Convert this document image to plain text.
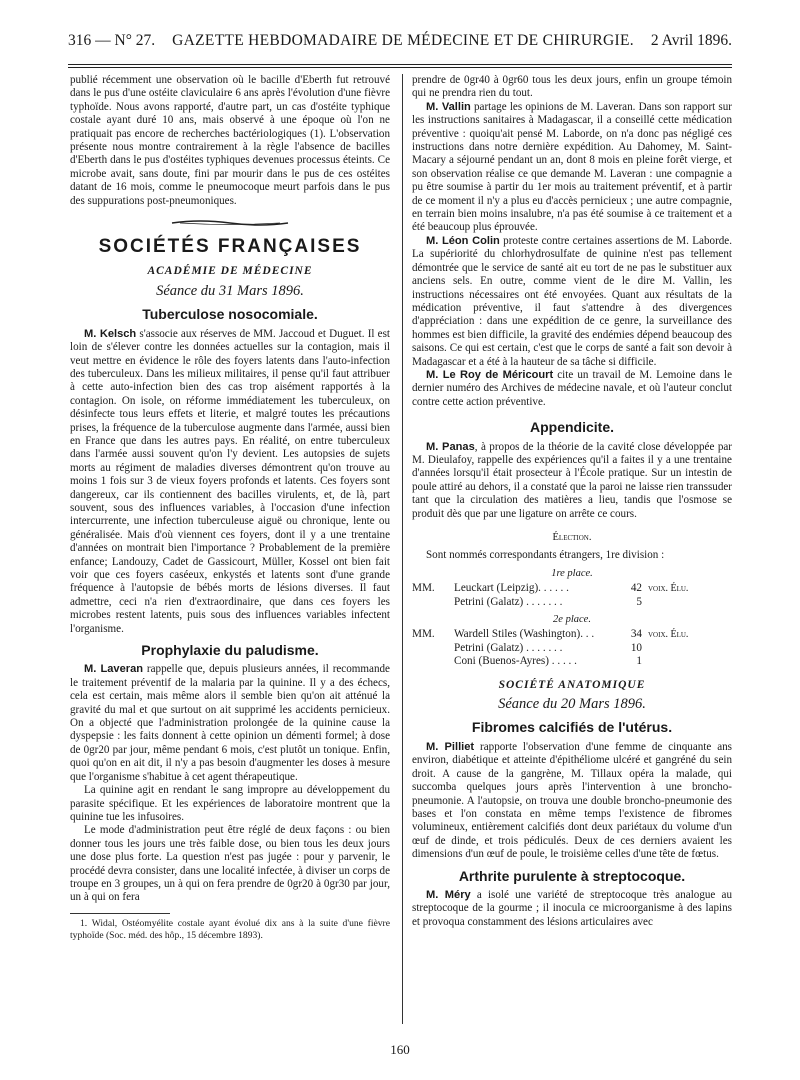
316 — N° 27. GAZETTE HEBDOMADAIRE DE MÉDECINE ET DE CHIRURGIE. 2 Avril 1896.

publié récemment une observation où le bacille d'Eberth fut retrouvé dans le pus d'une ostéite claviculaire 6 ans après l'évolution d'une fièvre typhoïde. Nous avons rapporté, d'autre part, un cas d'ostéite typhique costale ayant duré 10 ans, mais observé à une époque où l'on ne pratiquait pas encore de recherches bactériologiques (1). L'observation présente nous montre contrairement à la règle l'absence de bacilles d'Eberth dans le pus d'ostéites typhiques devenues processus éteints. Ce microbe avait, sans doute, fini par mourir dans le pus de ces ostéites datant de 16 mois, comme le pneumocoque meurt parfois dans le pus des suppurations post-pneumoniques.

SOCIÉTÉS FRANÇAISES
ACADÉMIE DE MÉDECINE
Séance du 31 Mars 1896.
Tuberculose nosocomiale.

M. Kelsch s'associe aux réserves de MM. Jaccoud et Duguet. Il est loin de s'élever contre les données actuelles sur la contagion, mais il veut mettre en évidence le rôle des foyers latents dans l'auto-infection des tuberculeux. Dans les milieux militaires, il pense qu'il faut attribuer à cette auto-infection bien des cas trop aisément rapportés à la contagion. On isole, on réforme immédiatement les tuberculeux, on désinfecte tous leurs effets et literie, et malgré toutes les précautions prises, la fréquence de la tuberculose augmente dans l'armée, aussi bien en France que dans les autres pays. En réalité, on entre tuberculeux dans l'armée aussi souvent qu'on l'y devient. Les autopsies de sujets morts au régiment de maladies diverses démontrent qu'on trouve au moins 1 fois sur 3 de vieux foyers profonds et latents. Ces foyers sont dangereux, car ils contiennent des bacilles virulents, et, de là, part souvent, sous des influences variables, à l'occasion d'une infection intercurrente, une infection tuberculeuse aiguë ou chronique, lente ou généralisée. Mais d'où viennent ces foyers, dont il y a une trentaine d'années on montrait bien l'importance ? Probablement de la première enfance; Landouzy, Cadet de Gassicourt, Müller, Kossel ont bien fait voir que ces foyers caséeux, enkystés et latents sont d'une grande fréquence à l'autopsie de bébés morts de lésions diverses. Il faut admettre, ceci n'a rien d'extraordinaire, que dans ces foyers les microbes restent latents, puis sous des influences variables infectent l'organisme.

Prophylaxie du paludisme.

M. Laveran rappelle que, depuis plusieurs années, il recommande le traitement préventif de la malaria par la quinine. Il y a des échecs, cela est certain, mais même alors il semble bien qu'on ait atténué la gravité du mal et que surtout on ait supprimé les accidents pernicieux. On a objecté que l'administration prolongée de la quinine cause la dyspepsie : les faits donnent à cette opinion un démenti formel; à dose de 0gr20 par jour, même pendant 6 mois, c'est plutôt un tonique. Enfin, quoi qu'on en ait dit, il n'y a pas besoin d'augmenter les doses à mesure que l'organisme s'habitue à cet agent thérapeutique.

La quinine agit en rendant le sang impropre au développement du parasite spécifique. Et les expériences de laboratoire montrent que la quinine tue les infusoires.

Le mode d'administration peut être réglé de deux façons : ou bien donner tous les jours une très faible dose, ou bien tous les deux jours une dose plus forte. La question n'est pas jugée : pour y parvenir, le procédé devra consister, dans une localité infectée, à diviser un corps de troupe en 3 groupes, un à qui on fera prendre de 0gr20 à 0gr30 par jour, un à qui on fera

1. Widal, Ostéomyélite costale ayant évolué dix ans à la suite d'une fièvre typhoïde (Soc. méd. des hôp., 15 décembre 1893).

prendre de 0gr40 à 0gr60 tous les deux jours, enfin un groupe témoin qui ne prendra rien du tout.

M. Vallin partage les opinions de M. Laveran. Dans son rapport sur les instructions sanitaires à Madagascar, il a conseillé cette médication préventive : quoiqu'ait pensé M. Laborde, on n'a donc pas négligé ces instructions dans notre dernière expédition. Au Dahomey, M. Saint-Macary a séjourné pendant un an, dont 8 mois en pleine forêt vierge, et son observation réalise ce que demande M. Laveran : une compagnie a pu être soumise à partir du 1er mois au traitement préventif, et à partir de ce moment il n'y a plus eu d'accès pernicieux ; une autre compagnie, en terrain bien moins insalubre, n'a pas été soumise à ce traitement et a été beaucoup plus éprouvée.

M. Léon Colin proteste contre certaines assertions de M. Laborde. La supériorité du chlorhydrosulfate de quinine n'est pas tellement démontrée que le service de santé ait eu tort de ne pas le substituer aux anciens sels. En outre, comme vient de le dire M. Vallin, les instructions nécessaires ont été envoyées. Quant aux résultats de la médication préventive, il faut s'attendre à des divergences d'appréciation : dans une expédition de ce genre, la surveillance des hommes est bien difficile, la gravité des endémies dépend beaucoup des saisons. Ce qui est certain, c'est que le corps de santé a fait son devoir à Madagascar et a été à la hauteur de sa tâche si difficile.

M. Le Roy de Méricourt cite un travail de M. Lemoine dans le dernier numéro des Archives de médecine navale, et où l'auteur conclut contre cette action préventive.

Appendicite.

M. Panas, à propos de la théorie de la cavité close développée par M. Dieulafoy, rappelle des expériences qu'il a faites il y a une trentaine d'années lorsqu'il était prosecteur à l'École pratique. Sur un intestin de poule attiré au dehors, il a constaté que la paroi ne laisse rien transsuder tant que la circulation des matières a lieu, tandis que l'osmose se produit dès que par une ligature on arrête ce cours.

Élection.

Sont nommés correspondants étrangers, 1re division :

1re place.
MM.	Leuckart (Leipzig). . . . . .	42 voix. Élu.
Petrini (Galatz) . . . . . . .	5
2e place.
MM.	Wardell Stiles (Washington). . .	34 voix. Élu.
Petrini (Galatz) . . . . . . .	10
Coni (Buenos-Ayres) . . . . .	1
SOCIÉTÉ ANATOMIQUE
Séance du 20 Mars 1896.
Fibromes calcifiés de l'utérus.

M. Pilliet rapporte l'observation d'une femme de cinquante ans environ, diabétique et atteinte d'épithéliome ulcéré et gangréné du sein droit. A cause de la gangrène, M. Tillaux opéra la malade, qui succomba quelques jours après l'intervention à une broncho-pneumonie. A l'autopsie, on trouva une double broncho-pneumonie des bases et l'on constata en même temps l'existence de fibromes volumineux, entièrement calcifiés dont deux pariétaux du volume d'un œuf de dinde, et trois pédiculés. Deux de ces derniers avaient les dimensions d'un œuf de poule, le troisième celles d'une tête de fœtus.

Arthrite purulente à streptocoque.

M. Méry a isolé une variété de streptocoque très analogue au streptocoque de la gourme ; il inocula ce microorganisme à des lapins et provoqua constamment des lésions articulaires avec

160
